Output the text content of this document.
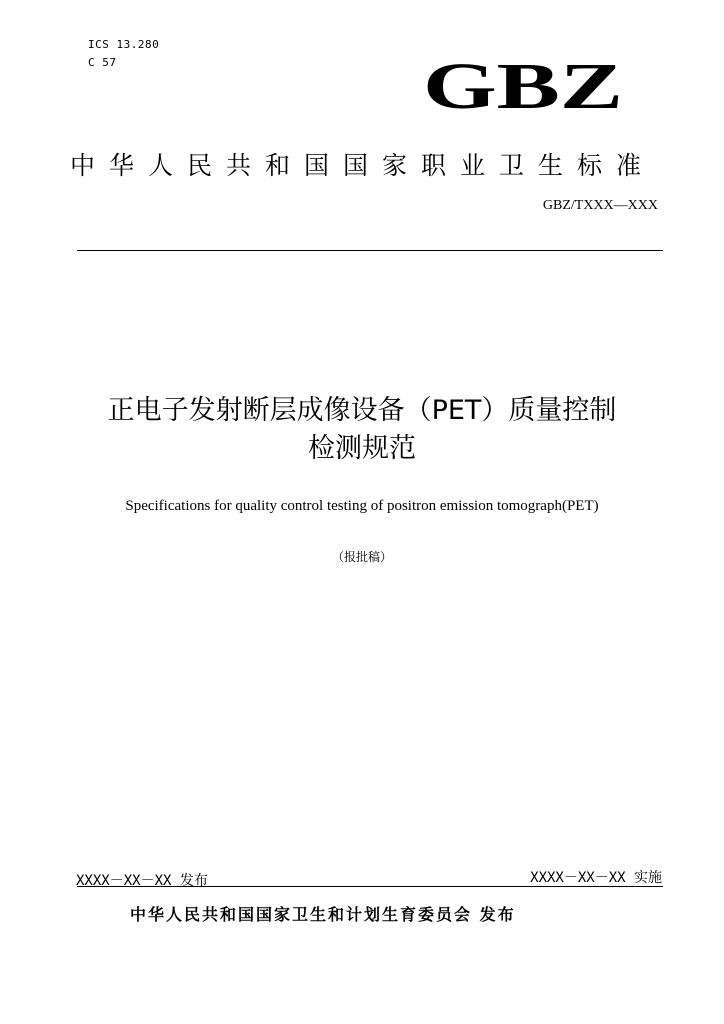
ICS 13.280
C 57	GBZ
中华人民共和国国家职业卫生标准
GBZ/TXXX—XXX
正电子发射断层成像设备（PET）质量控制
检测规范
Specifications for quality control testing of positron emission tomograph(PET)
（报批稿）
XXXX－XX－XX 发布	XXXX－XX－XX 实施
中华人民共和国国家卫生和计划生育委员会 发布
